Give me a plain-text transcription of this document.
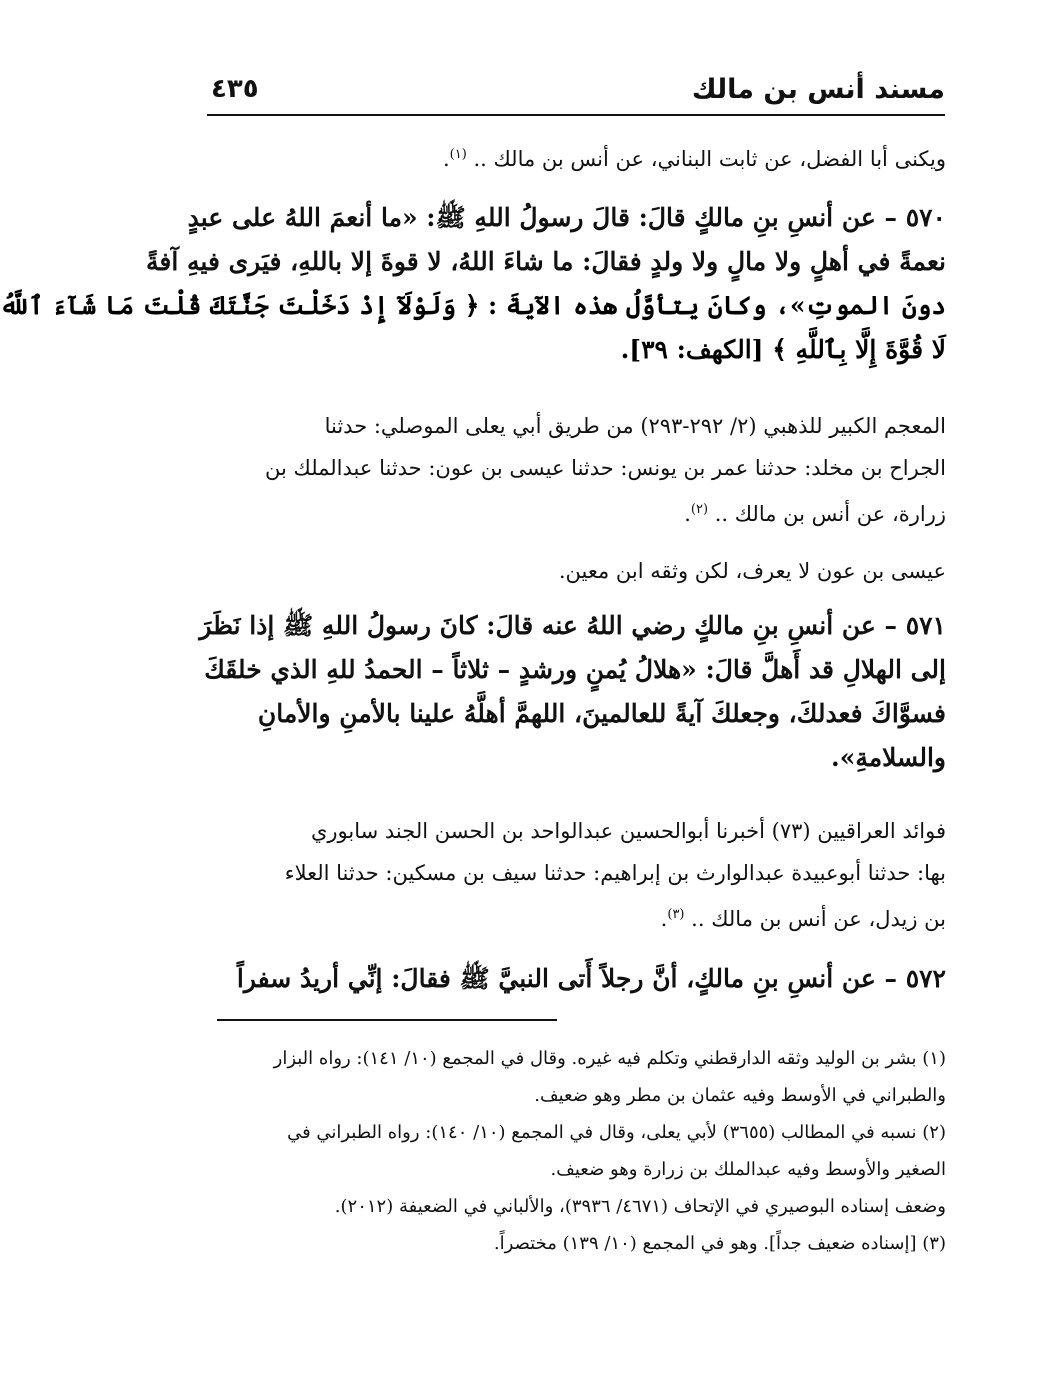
مسند أنس بن مالك
٤٣٥
ويكنى أبا الفضل، عن ثابت البناني، عن أنس بن مالك .. $^{(١)}$.
٥٧٠ – عن أنسِ بنِ مالكٍ قالَ: قالَ رسولُ اللهِ ﷺ: «ما أنعمَ اللهُ على عبدٍ
نعمةً في أهلٍ ولا مالٍ ولا ولدٍ فقالَ: ما شاءَ اللهُ، لا قوةَ إلا باللهِ، فيَرى فيهِ آفةً
دونَ الموتِ»، وكانَ يتأوَّلُ هذه الآيةَ : ﴿ وَلَوْلَآ إِذْ دَخَلْتَ جَنَّتَكَ قُلْتَ مَا شَآءَ ٱللَّهُ
لَا قُوَّةَ إِلَّا بِٱللَّهِ ﴾ [الكهف: ٣٩].
المعجم الكبير للذهبي (٢/ ٢٩٢-٢٩٣) من طريق أبي يعلى الموصلي: حدثنا
الجراح بن مخلد: حدثنا عمر بن يونس: حدثنا عيسى بن عون: حدثنا عبدالملك بن
زرارة، عن أنس بن مالك .. $^{(٢)}$.
عيسى بن عون لا يعرف، لكن وثقه ابن معين.
٥٧١ – عن أنسِ بنِ مالكٍ رضي اللهُ عنه قالَ: كانَ رسولُ اللهِ ﷺ إذا نَظَرَ
إلى الهلالِ قد أَهلَّ قالَ: «هلالُ يُمنٍ ورشدٍ – ثلاثاً – الحمدُ للهِ الذي خلقَكَ
فسوَّاكَ فعدلكَ، وجعلكَ آيةً للعالمينَ، اللهمَّ أهلَّهُ علينا بالأمنِ والأمانِ
والسلامةِ».
فوائد العراقيين (٧٣) أخبرنا أبوالحسين عبدالواحد بن الحسن الجند سابوري
بها: حدثنا أبوعبيدة عبدالوارث بن إبراهيم: حدثنا سيف بن مسكين: حدثنا العلاء
بن زيدل، عن أنس بن مالك .. $^{(٣)}$.
٥٧٢ – عن أنسِ بنِ مالكٍ، أنَّ رجلاً أَتى النبيَّ ﷺ فقالَ: إنِّي أريدُ سفراً
(١) بشر بن الوليد وثقه الدارقطني وتكلم فيه غيره. وقال في المجمع (١٠/ ١٤١): رواه البزار
والطبراني في الأوسط وفيه عثمان بن مطر وهو ضعيف.
(٢) نسبه في المطالب (٣٦٥٥) لأبي يعلى، وقال في المجمع (١٠/ ١٤٠): رواه الطبراني في
الصغير والأوسط وفيه عبدالملك بن زرارة وهو ضعيف.
وضعف إسناده البوصيري في الإتحاف (٤٦٧١/ ٣٩٣٦)، والألباني في الضعيفة (٢٠١٢).
(٣) [إسناده ضعيف جداً]. وهو في المجمع (١٠/ ١٣٩) مختصراً.
